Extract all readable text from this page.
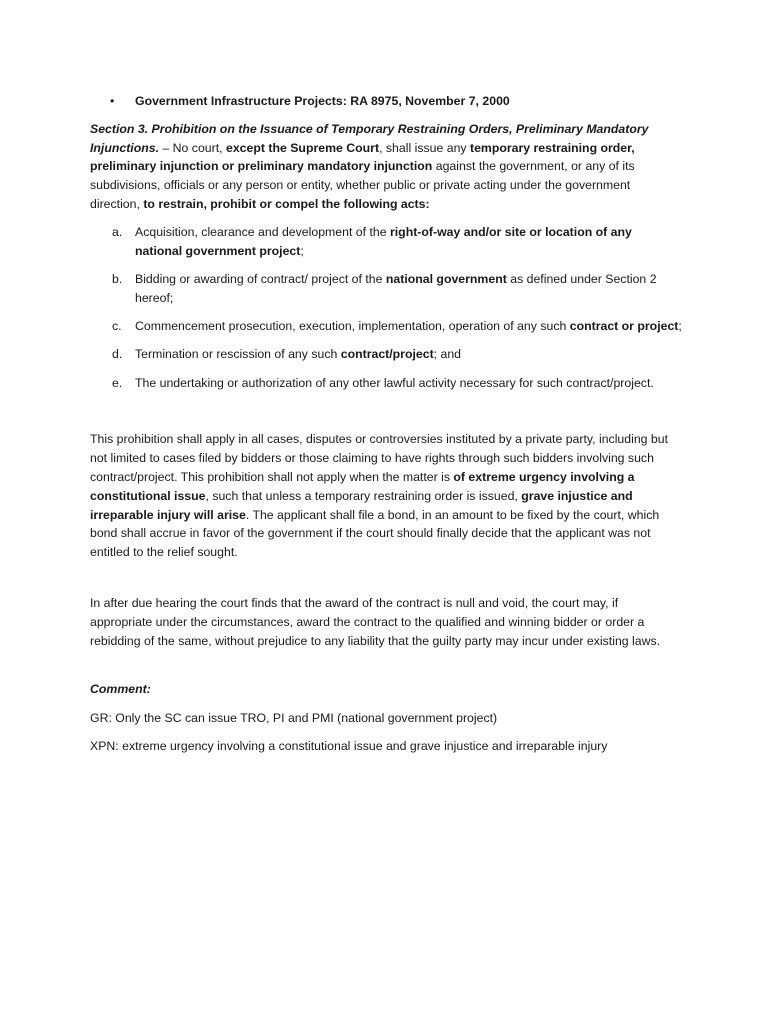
• Government Infrastructure Projects: RA 8975, November 7, 2000

Section 3. Prohibition on the Issuance of Temporary Restraining Orders, Preliminary Mandatory Injunctions. – No court, except the Supreme Court, shall issue any temporary restraining order, preliminary injunction or preliminary mandatory injunction against the government, or any of its subdivisions, officials or any person or entity, whether public or private acting under the government direction, to restrain, prohibit or compel the following acts:

a. Acquisition, clearance and development of the right-of-way and/or site or location of any national government project;
b. Bidding or awarding of contract/ project of the national government as defined under Section 2 hereof;
c. Commencement prosecution, execution, implementation, operation of any such contract or project;
d. Termination or rescission of any such contract/project; and
e. The undertaking or authorization of any other lawful activity necessary for such contract/project.

This prohibition shall apply in all cases, disputes or controversies instituted by a private party, including but not limited to cases filed by bidders or those claiming to have rights through such bidders involving such contract/project. This prohibition shall not apply when the matter is of extreme urgency involving a constitutional issue, such that unless a temporary restraining order is issued, grave injustice and irreparable injury will arise. The applicant shall file a bond, in an amount to be fixed by the court, which bond shall accrue in favor of the government if the court should finally decide that the applicant was not entitled to the relief sought.

In after due hearing the court finds that the award of the contract is null and void, the court may, if appropriate under the circumstances, award the contract to the qualified and winning bidder or order a rebidding of the same, without prejudice to any liability that the guilty party may incur under existing laws.

Comment:

GR: Only the SC can issue TRO, PI and PMI (national government project)

XPN: extreme urgency involving a constitutional issue and grave injustice and irreparable injury
